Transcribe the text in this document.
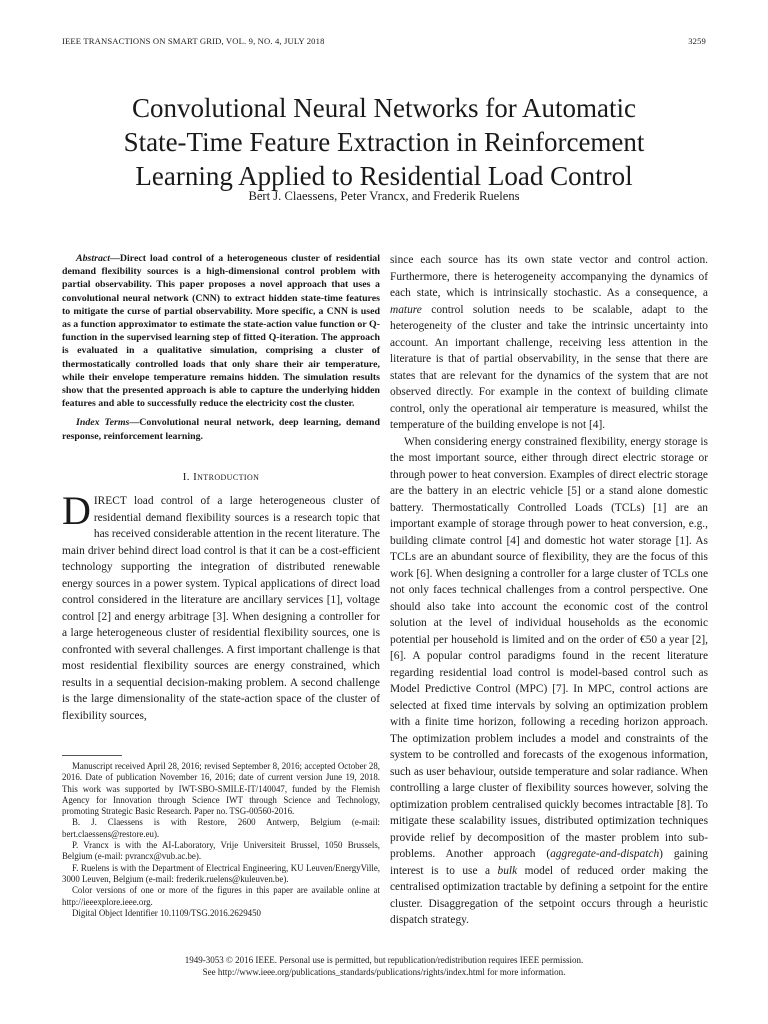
IEEE TRANSACTIONS ON SMART GRID, VOL. 9, NO. 4, JULY 2018	3259
Convolutional Neural Networks for Automatic
State-Time Feature Extraction in Reinforcement
Learning Applied to Residential Load Control
Bert J. Claessens, Peter Vrancx, and Frederik Ruelens

Abstract—Direct load control of a heterogeneous cluster of residential demand flexibility sources is a high-dimensional control problem with partial observability. This paper proposes a novel approach that uses a convolutional neural network (CNN) to extract hidden state-time features to mitigate the curse of partial observability. More specific, a CNN is used as a function approximator to estimate the state-action value function or Q-function in the supervised learning step of fitted Q-iteration. The approach is evaluated in a qualitative simulation, comprising a cluster of thermostatically controlled loads that only share their air temperature, while their envelope temperature remains hidden. The simulation results show that the presented approach is able to capture the underlying hidden features and able to successfully reduce the electricity cost the cluster.

Index Terms—Convolutional neural network, deep learning, demand response, reinforcement learning.

I. Introduction

DIRECT load control of a large heterogeneous cluster of residential demand flexibility sources is a research topic that has received considerable attention in the recent literature. The main driver behind direct load control is that it can be a cost-efficient technology supporting the integration of distributed renewable energy sources in a power system. Typical applications of direct load control considered in the literature are ancillary services [1], voltage control [2] and energy arbitrage [3]. When designing a controller for a large heterogeneous cluster of residential flexibility sources, one is confronted with several challenges. A first important challenge is that most residential flexibility sources are energy constrained, which results in a sequential decision-making problem. A second challenge is the large dimensionality of the state-action space of the cluster of flexibility sources,

Manuscript received April 28, 2016; revised September 8, 2016; accepted October 28, 2016. Date of publication November 16, 2016; date of current version June 19, 2018. This work was supported by IWT-SBO-SMILE-IT/140047, funded by the Flemish Agency for Innovation through Science IWT through Science and Technology, promoting Strategic Basic Research. Paper no. TSG-00560-2016.

B. J. Claessens is with Restore, 2600 Antwerp, Belgium (e-mail: bert.claessens@restore.eu).

P. Vrancx is with the AI-Laboratory, Vrije Universiteit Brussel, 1050 Brussels, Belgium (e-mail: pvrancx@vub.ac.be).

F. Ruelens is with the Department of Electrical Engineering, KU Leuven/EnergyVille, 3000 Leuven, Belgium (e-mail: frederik.ruelens@kuleuven.be).

Color versions of one or more of the figures in this paper are available online at http://ieeexplore.ieee.org.

Digital Object Identifier 10.1109/TSG.2016.2629450

since each source has its own state vector and control action. Furthermore, there is heterogeneity accompanying the dynamics of each state, which is intrinsically stochastic. As a consequence, a mature control solution needs to be scalable, adapt to the heterogeneity of the cluster and take the intrinsic uncertainty into account. An important challenge, receiving less attention in the literature is that of partial observability, in the sense that there are states that are relevant for the dynamics of the system that are not observed directly. For example in the context of building climate control, only the operational air temperature is measured, whilst the temperature of the building envelope is not [4].

When considering energy constrained flexibility, energy storage is the most important source, either through direct electric storage or through power to heat conversion. Examples of direct electric storage are the battery in an electric vehicle [5] or a stand alone domestic battery. Thermostatically Controlled Loads (TCLs) [1] are an important example of storage through power to heat conversion, e.g., building climate control [4] and domestic hot water storage [1]. As TCLs are an abundant source of flexibility, they are the focus of this work [6]. When designing a controller for a large cluster of TCLs one not only faces technical challenges from a control perspective. One should also take into account the economic cost of the control solution at the level of individual households as the economic potential per household is limited and on the order of €50 a year [2], [6]. A popular control paradigms found in the recent literature regarding residential load control is model-based control such as Model Predictive Control (MPC) [7]. In MPC, control actions are selected at fixed time intervals by solving an optimization problem with a finite time horizon, following a receding horizon approach. The optimization problem includes a model and constraints of the system to be controlled and forecasts of the exogenous information, such as user behaviour, outside temperature and solar radiance. When controlling a large cluster of flexibility sources however, solving the optimization problem centralised quickly becomes intractable [8]. To mitigate these scalability issues, distributed optimization techniques provide relief by decomposition of the master problem into sub-problems. Another approach (aggregate-and-dispatch) gaining interest is to use a bulk model of reduced order making the centralised optimization tractable by defining a setpoint for the entire cluster. Disaggregation of the setpoint occurs through a heuristic dispatch strategy.

1949-3053 © 2016 IEEE. Personal use is permitted, but republication/redistribution requires IEEE permission.
See http://www.ieee.org/publications_standards/publications/rights/index.html for more information.
